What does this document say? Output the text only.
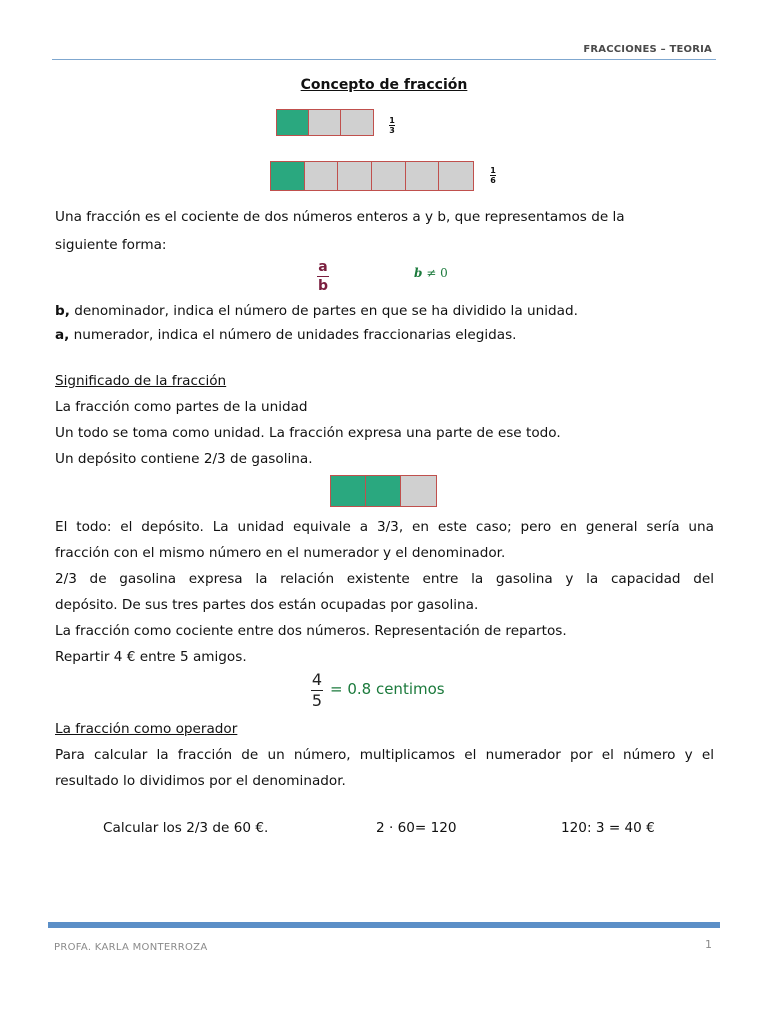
FRACCIONES – TEORIA
Concepto de fracción
1
3
1
6
Una fracción es el cociente de dos números enteros a y b, que representamos de la
siguiente forma:
a
b
b ≠ 0
b, denominador, indica el número de partes en que se ha dividido la unidad.
a, numerador, indica el número de unidades fraccionarias elegidas.
Significado de la fracción
La fracción como partes de la unidad
Un todo se toma como unidad. La fracción expresa una parte de ese todo.
Un depósito contiene 2/3 de gasolina.
El todo: el depósito. La unidad equivale a 3/3, en este caso; pero en general sería una
fracción con el mismo número en el numerador y el denominador.
2/3 de gasolina expresa la relación existente entre la gasolina y la capacidad del
depósito. De sus tres partes dos están ocupadas por gasolina.
La fracción como cociente entre dos números. Representación de repartos.
Repartir 4 € entre 5 amigos.
4
5
= 0.8 centimos
La fracción como operador
Para calcular la fracción de un número, multiplicamos el numerador por el número y el
resultado lo dividimos por el denominador.
Calcular los 2/3 de 60 €.	2 · 60= 120	120: 3 = 40 €
PROFA. KARLA MONTERROZA	1
